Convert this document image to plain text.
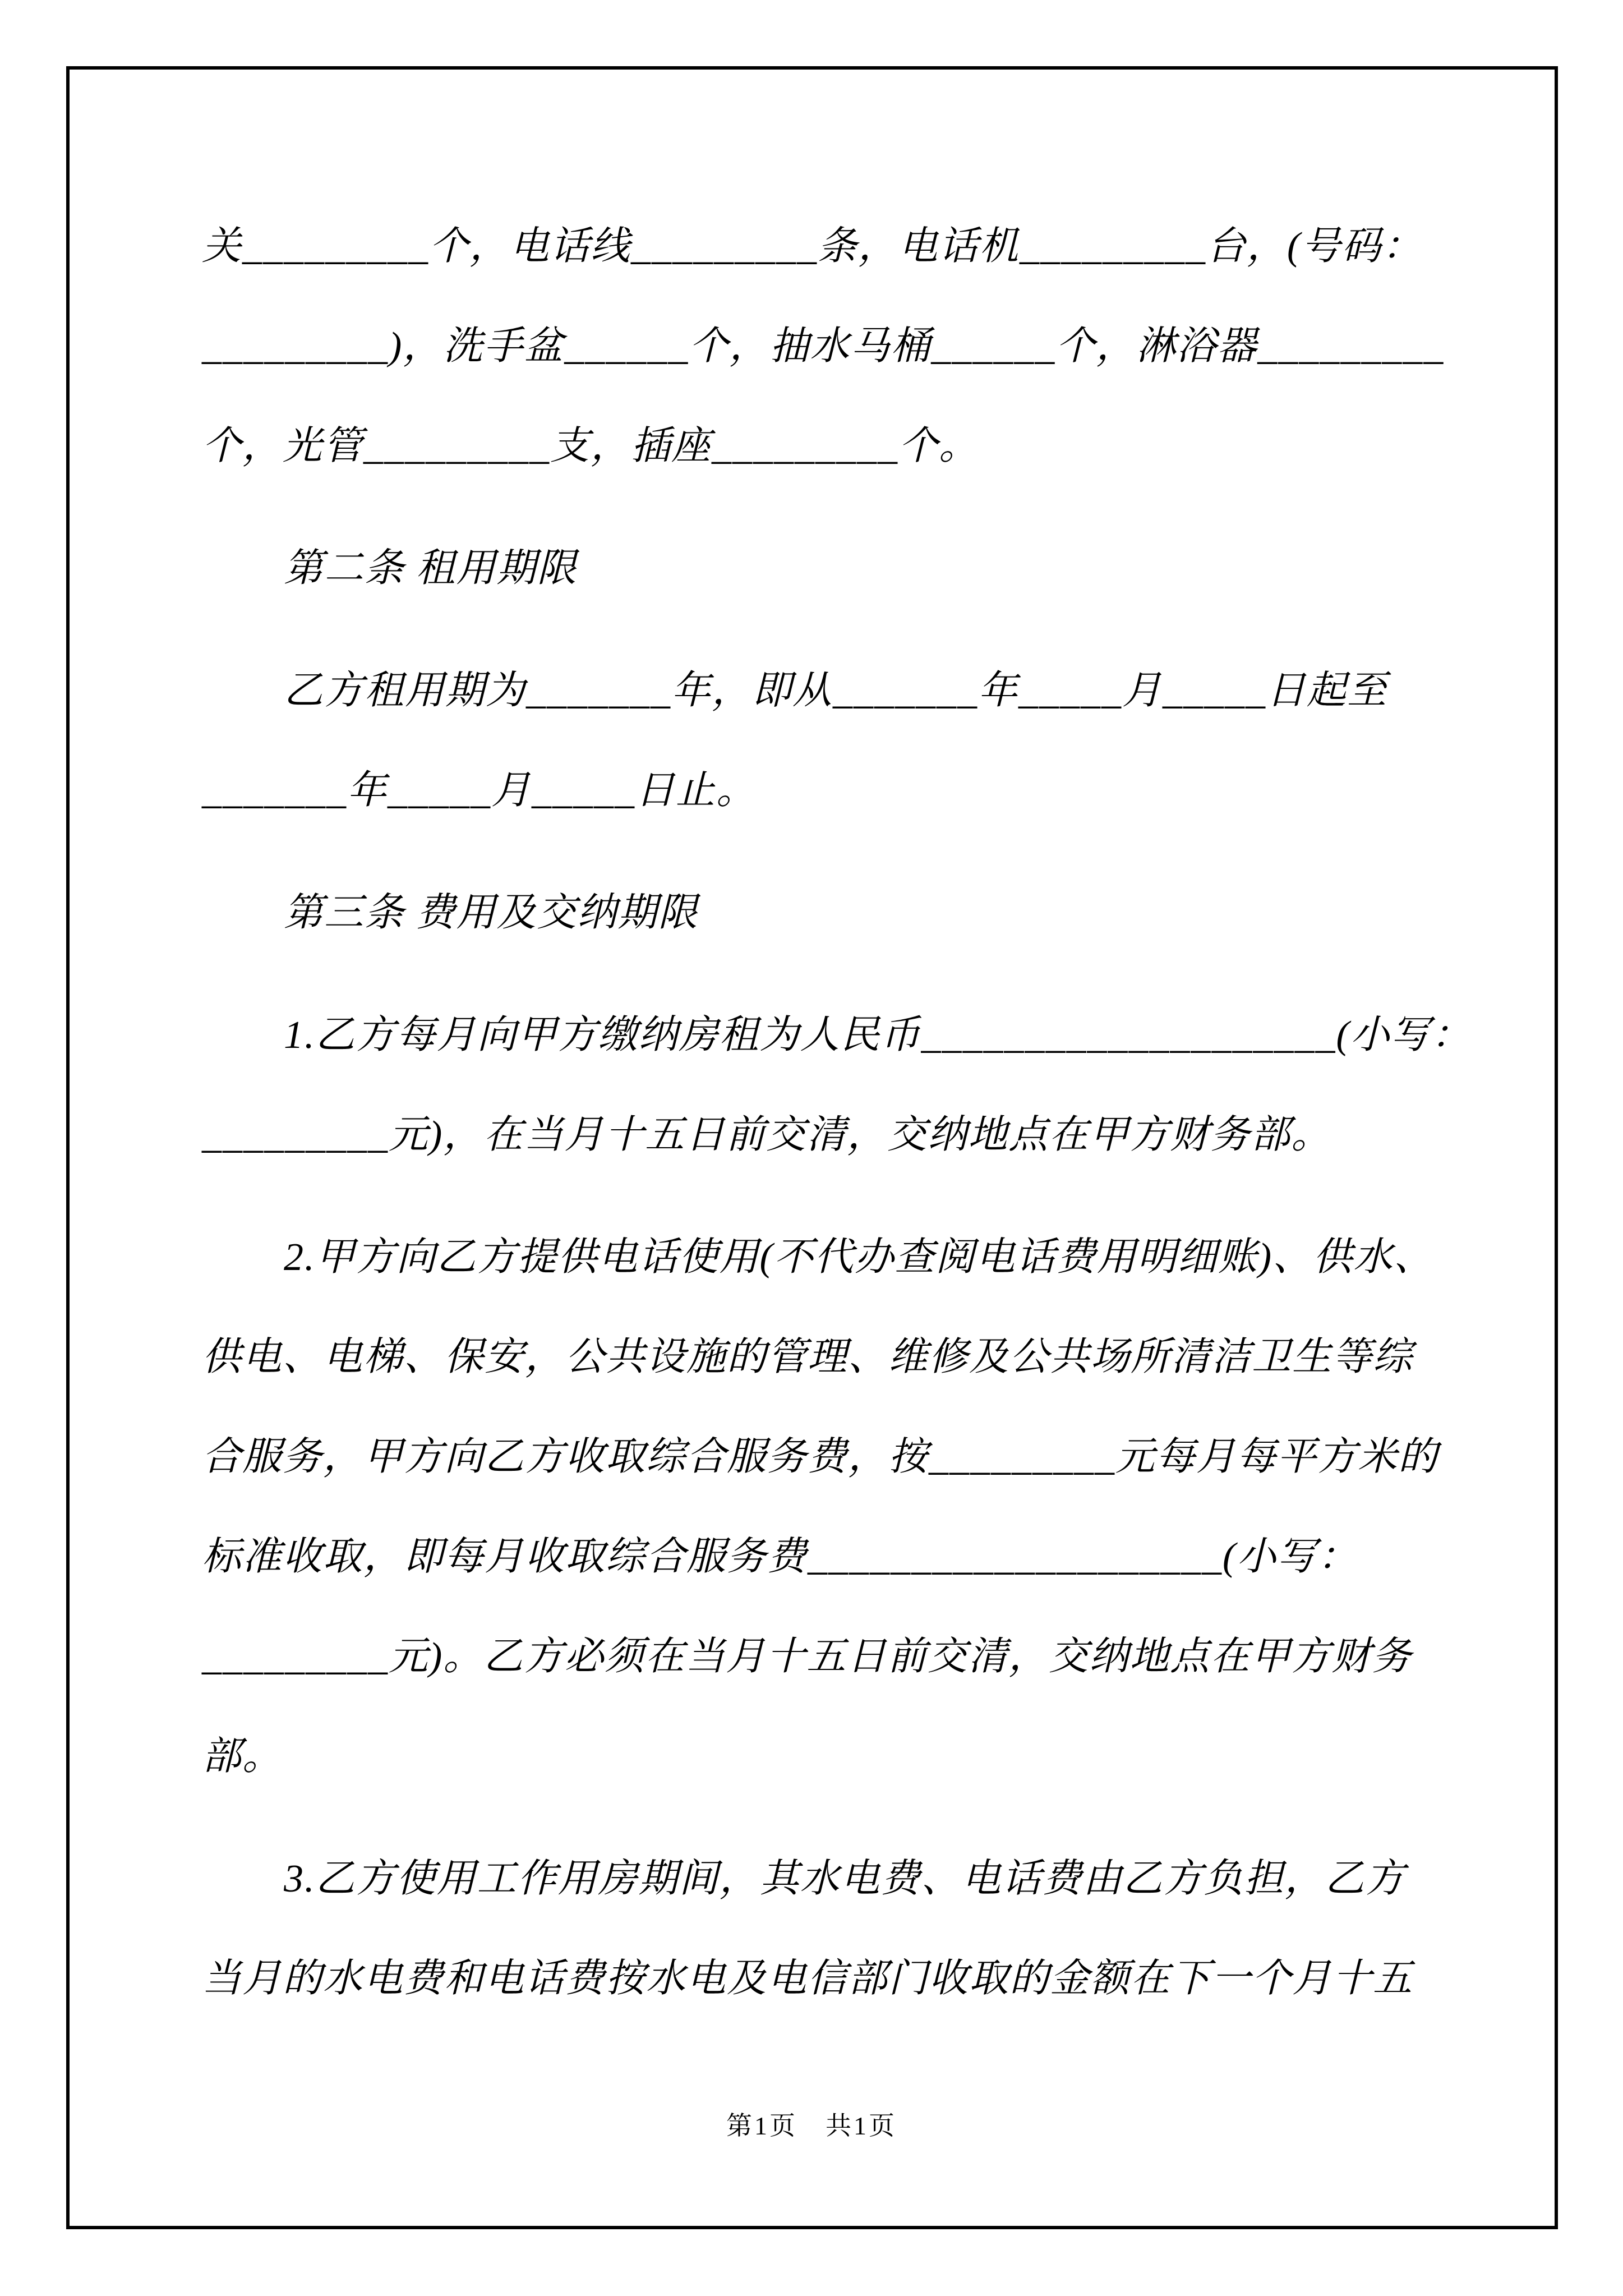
关_________个，电话线_________条，电话机_________台，(号码：
_________)，洗手盆______个，抽水马桶______个，淋浴器_________
个，光管_________支，插座_________个。
第二条 租用期限
乙方租用期为_______年，即从_______年_____月_____日起至
_______年_____月_____日止。
第三条 费用及交纳期限
1.乙方每月向甲方缴纳房租为人民币____________________(小写：
_________元)，在当月十五日前交清，交纳地点在甲方财务部。
2.甲方向乙方提供电话使用(不代办查阅电话费用明细账)、供水、
供电、电梯、保安，公共设施的管理、维修及公共场所清洁卫生等综
合服务，甲方向乙方收取综合服务费，按_________元每月每平方米的
标准收取，即每月收取综合服务费____________________(小写：
_________元)。乙方必须在当月十五日前交清，交纳地点在甲方财务
部。
3.乙方使用工作用房期间，其水电费、电话费由乙方负担，乙方
当月的水电费和电话费按水电及电信部门收取的金额在下一个月十五
第1页　共1页
